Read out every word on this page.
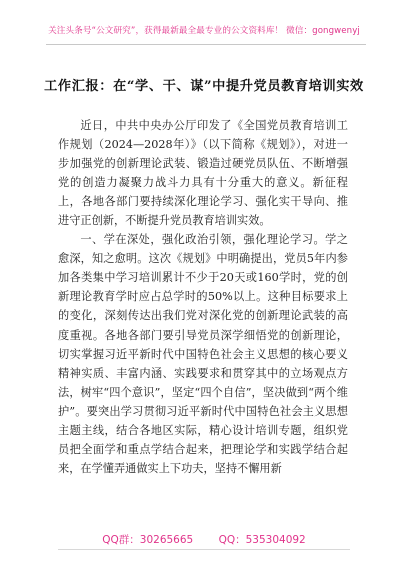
关注头条号“公文研究”，获得最新最全最专业的公文资料库！ 微信：gongwenyj
工作汇报：在“学、干、谋”中提升党员教育培训实效

近日，中共中央办公厅印发了《全国党员教育培训工作规划（2024—2028年）》（以下简称《规划》），对进一步加强党的创新理论武装、锻造过硬党员队伍、不断增强党的创造力凝聚力战斗力具有十分重大的意义。新征程上，各地各部门要持续深化理论学习、强化实干导向、推进守正创新，不断提升党员教育培训实效。

一、学在深处，强化政治引领，强化理论学习。学之愈深，知之愈明。这次《规划》中明确提出，党员5年内参加各类集中学习培训累计不少于20天或160学时，党的创新理论教育学时应占总学时的50%以上。这种目标要求上的变化，深刻传达出我们党对深化党的创新理论武装的高度重视。各地各部门要引导党员深学细悟党的创新理论，切实掌握习近平新时代中国特色社会主义思想的核心要义精神实质、丰富内涵、实践要求和贯穿其中的立场观点方法，树牢“四个意识”，坚定“四个自信”，坚决做到“两个维护”。要突出学习贯彻习近平新时代中国特色社会主义思想主题主线，结合各地区实际，精心设计培训专题，组织党员把全面学和重点学结合起来，把理论学和实践学结合起来，在学懂弄通做实上下功夫，坚持不懈用新

QQ群：30265665 QQ：535304092
